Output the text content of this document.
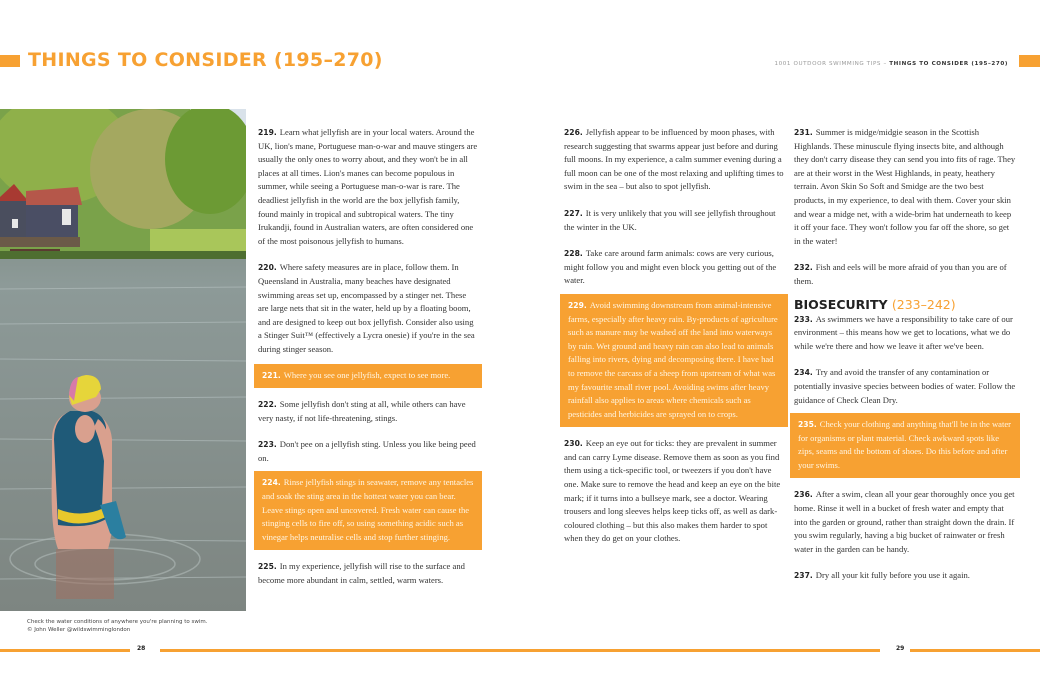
THINGS TO CONSIDER (195–270)	1001 OUTDOOR SWIMMING TIPS – THINGS TO CONSIDER (195–270)
Check the water conditions of anywhere you're planning to swim.
© John Weller @wildswimminglondon

219. Learn what jellyfish are in your local waters. Around the UK, lion's mane, Portuguese man-o-war and mauve stingers are usually the only ones to worry about, and they won't be in all places at all times. Lion's manes can become populous in summer, while seeing a Portuguese man-o-war is rare. The deadliest jellyfish in the world are the box jellyfish family, found mainly in tropical and subtropical waters. The tiny Irukandji, found in Australian waters, are often considered one of the most poisonous jellyfish to humans.

220. Where safety measures are in place, follow them. In Queensland in Australia, many beaches have designated swimming areas set up, encompassed by a stinger net. These are large nets that sit in the water, held up by a floating boom, and are designed to keep out box jellyfish. Consider also using a Stinger Suit™ (effectively a Lycra onesie) if you're in the sea during stinger season.

221. Where you see one jellyfish, expect to see more.

222. Some jellyfish don't sting at all, while others can have very nasty, if not life-threatening, stings.

223. Don't pee on a jellyfish sting. Unless you like being peed on.

224. Rinse jellyfish stings in seawater, remove any tentacles and soak the sting area in the hottest water you can bear. Leave stings open and uncovered. Fresh water can cause the stinging cells to fire off, so using something acidic such as vinegar helps neutralise cells and stop further stinging.

225. In my experience, jellyfish will rise to the surface and become more abundant in calm, settled, warm waters.

226. Jellyfish appear to be influenced by moon phases, with research suggesting that swarms appear just before and during full moons. In my experience, a calm summer evening during a full moon can be one of the most relaxing and uplifting times to swim in the sea – but also to spot jellyfish.

227. It is very unlikely that you will see jellyfish throughout the winter in the UK.

228. Take care around farm animals: cows are very curious, might follow you and might even block you getting out of the water.

229. Avoid swimming downstream from animal-intensive farms, especially after heavy rain. By-products of agriculture such as manure may be washed off the land into waterways by rain. Wet ground and heavy rain can also lead to animals falling into rivers, dying and decomposing there. I have had to remove the carcass of a sheep from upstream of what was my favourite small river pool. Avoiding swims after heavy rainfall also applies to areas where chemicals such as pesticides and herbicides are sprayed on to crops.

230. Keep an eye out for ticks: they are prevalent in summer and can carry Lyme disease. Remove them as soon as you find them using a tick-specific tool, or tweezers if you don't have one. Make sure to remove the head and keep an eye on the bite mark; if it turns into a bullseye mark, see a doctor. Wearing trousers and long sleeves helps keep ticks off, as well as dark-coloured clothing – but this also makes them harder to spot when they do get on your clothes.

231. Summer is midge/midgie season in the Scottish Highlands. These minuscule flying insects bite, and although they don't carry disease they can send you into fits of rage. They are at their worst in the West Highlands, in peaty, heathery terrain. Avon Skin So Soft and Smidge are the two best products, in my experience, to deal with them. Cover your skin and wear a midge net, with a wide-brim hat underneath to keep it off your face. They won't follow you far off the shore, so get in the water!

232. Fish and eels will be more afraid of you than you are of them.

BIOSECURITY (233–242)

233. As swimmers we have a responsibility to take care of our environment – this means how we get to locations, what we do while we're there and how we leave it after we've been.

234. Try and avoid the transfer of any contamination or potentially invasive species between bodies of water. Follow the guidance of Check Clean Dry.

235. Check your clothing and anything that'll be in the water for organisms or plant material. Check awkward spots like zips, seams and the bottom of shoes. Do this before and after your swims.

236. After a swim, clean all your gear thoroughly once you get home. Rinse it well in a bucket of fresh water and empty that into the garden or ground, rather than straight down the drain. If you swim regularly, having a big bucket of rainwater or fresh water in the garden can be handy.

237. Dry all your kit fully before you use it again.

28	29
